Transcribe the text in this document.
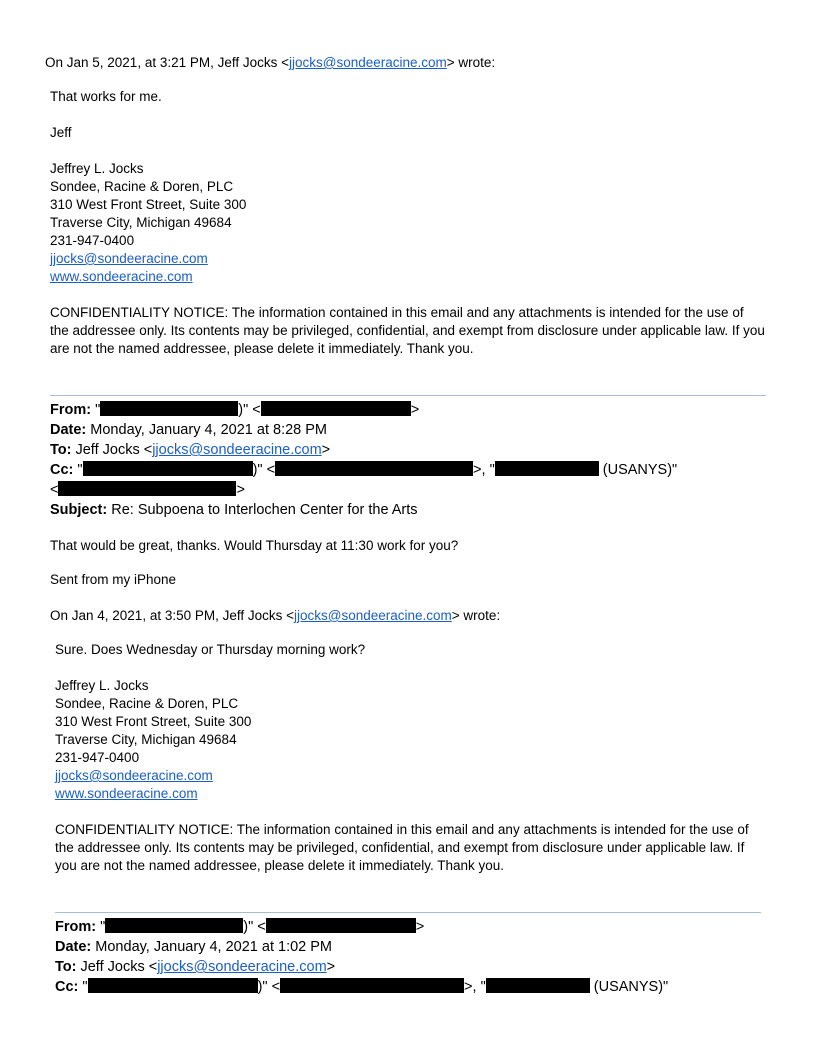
On Jan 5, 2021, at 3:21 PM, Jeff Jocks <jjocks@sondeeracine.com> wrote:
That works for me.
Jeff
Jeffrey L. Jocks
Sondee, Racine & Doren, PLC
310 West Front Street, Suite 300
Traverse City, Michigan 49684
231-947-0400
jjocks@sondeeracine.com
www.sondeeracine.com
CONFIDENTIALITY NOTICE: The information contained in this email and any attachments is intended for the use of the addressee only. Its contents may be privileged, confidential, and exempt from disclosure under applicable law. If you are not the named addressee, please delete it immediately. Thank you.
From: "	)" <	>
Date: Monday, January 4, 2021 at 8:28 PM
To: Jeff Jocks <jjocks@sondeeracine.com>
Cc: "	)" <	>, "	(USANYS)"
<	>
Subject: Re: Subpoena to Interlochen Center for the Arts
That would be great, thanks. Would Thursday at 11:30 work for you?
Sent from my iPhone
On Jan 4, 2021, at 3:50 PM, Jeff Jocks <jjocks@sondeeracine.com> wrote:
Sure. Does Wednesday or Thursday morning work?
Jeffrey L. Jocks
Sondee, Racine & Doren, PLC
310 West Front Street, Suite 300
Traverse City, Michigan 49684
231-947-0400
jjocks@sondeeracine.com
www.sondeeracine.com
CONFIDENTIALITY NOTICE: The information contained in this email and any attachments is intended for the use of the addressee only. Its contents may be privileged, confidential, and exempt from disclosure under applicable law. If you are not the named addressee, please delete it immediately. Thank you.
From: "	)" <	>
Date: Monday, January 4, 2021 at 1:02 PM
To: Jeff Jocks <jjocks@sondeeracine.com>
Cc: "	)" <	>, "	(USANYS)"
